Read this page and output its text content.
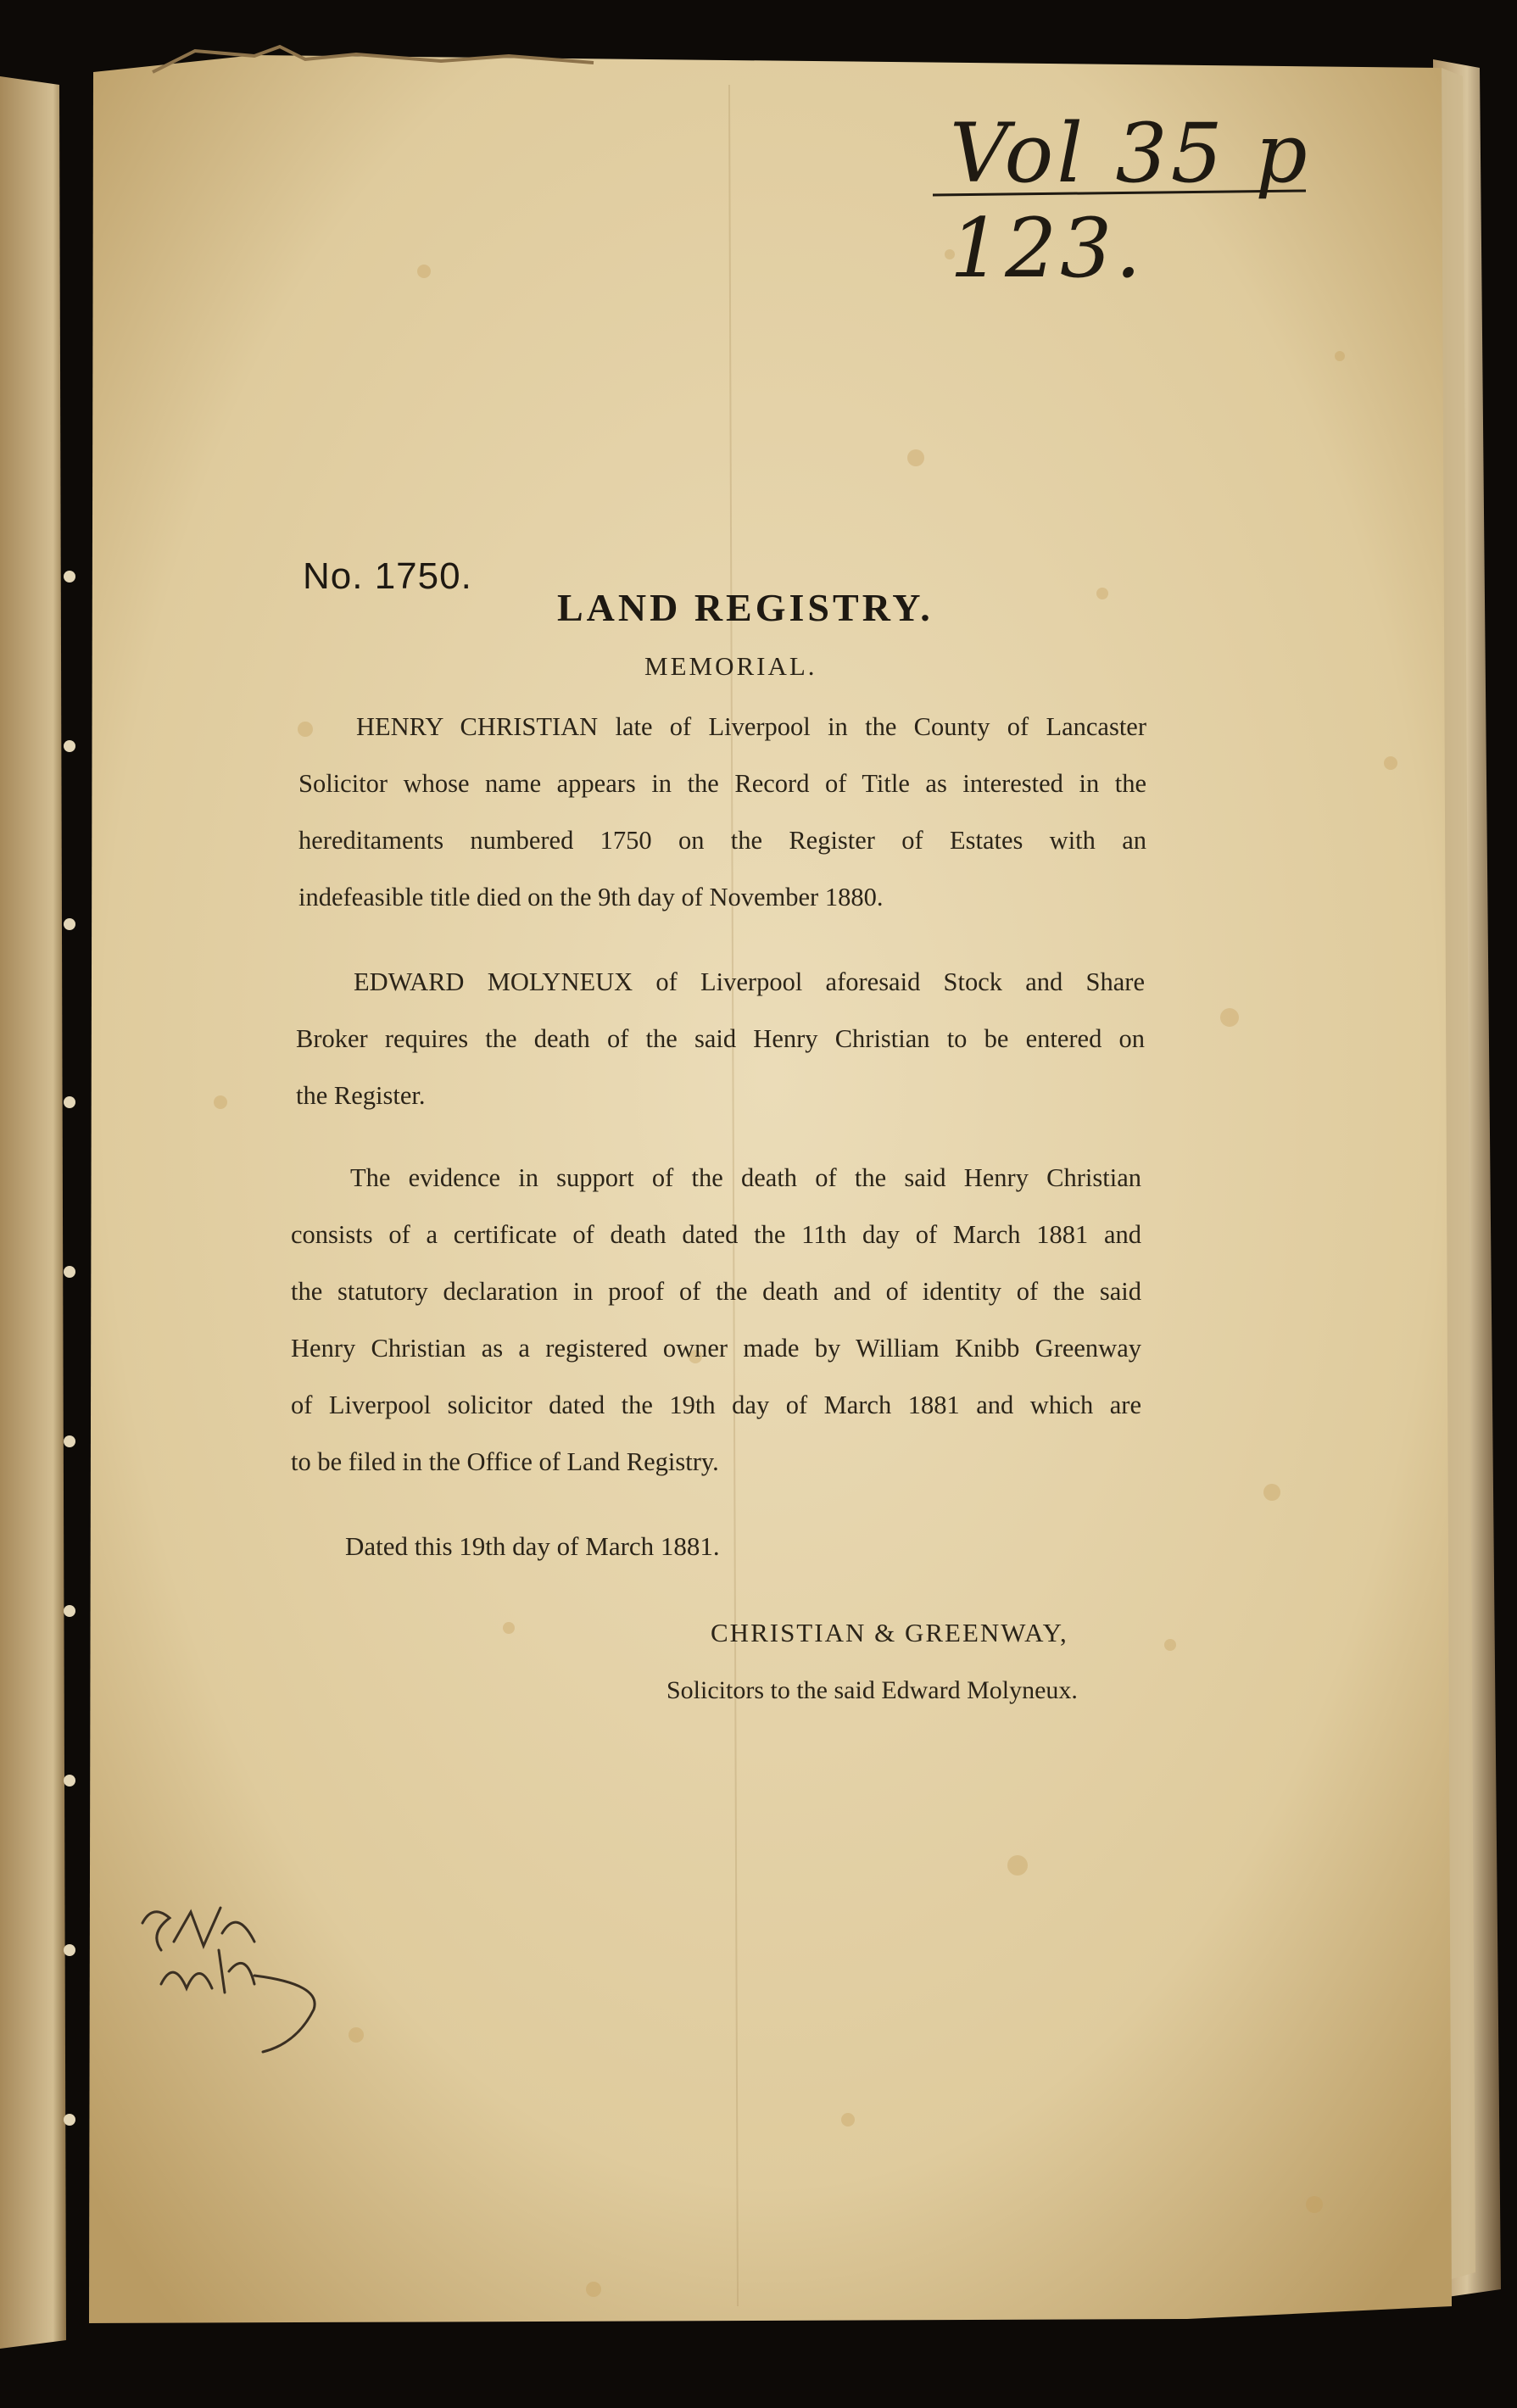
Vol 35 p 123.
No. 1750.
LAND REGISTRY.
MEMORIAL.
HENRY CHRISTIAN late of Liverpool in the County of Lancaster
Solicitor whose name appears in the Record of Title as interested in the
hereditaments numbered 1750 on the Register of Estates with an
indefeasible title died on the 9th day of November 1880.
EDWARD MOLYNEUX of Liverpool aforesaid Stock and Share
Broker requires the death of the said Henry Christian to be entered on
the Register.
The evidence in support of the death of the said Henry Christian
consists of a certificate of death dated the 11th day of March 1881 and
the statutory declaration in proof of the death and of identity of the said
Henry Christian as a registered owner made by William Knibb Greenway
of Liverpool solicitor dated the 19th day of March 1881 and which are
to be filed in the Office of Land Registry.
Dated this 19th day of March 1881.
CHRISTIAN & GREENWAY,
Solicitors to the said Edward Molyneux.
